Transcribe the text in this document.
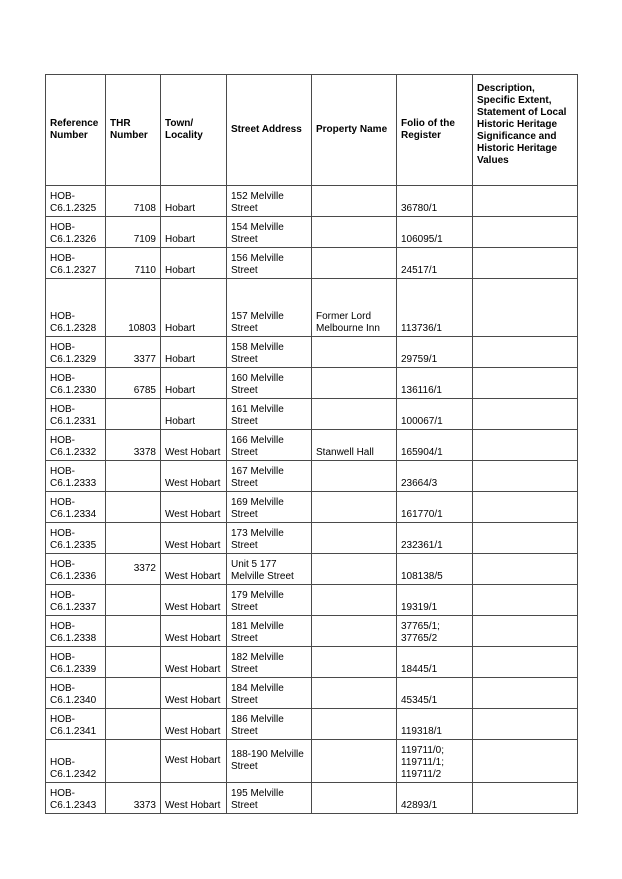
Reference Number	THR Number	Town/ Locality	Street Address	Property Name	Folio of the Register	Description, Specific Extent, Statement of Local Historic Heritage Significance and Historic Heritage Values
HOB-C6.1.2325	7108	Hobart	152 Melville Street		36780/1	
HOB-C6.1.2326	7109	Hobart	154 Melville Street		106095/1	
HOB-C6.1.2327	7110	Hobart	156 Melville Street		24517/1	
HOB-C6.1.2328	10803	Hobart	157 Melville Street	Former Lord Melbourne Inn	113736/1	
HOB-C6.1.2329	3377	Hobart	158 Melville Street		29759/1	
HOB-C6.1.2330	6785	Hobart	160 Melville Street		136116/1	
HOB-C6.1.2331		Hobart	161 Melville Street		100067/1	
HOB-C6.1.2332	3378	West Hobart	166 Melville Street	Stanwell Hall	165904/1	
HOB-C6.1.2333		West Hobart	167 Melville Street		23664/3	
HOB-C6.1.2334		West Hobart	169 Melville Street		161770/1	
HOB-C6.1.2335		West Hobart	173 Melville Street		232361/1	
HOB-C6.1.2336	3372	West Hobart	Unit 5 177 Melville Street		108138/5	
HOB-C6.1.2337		West Hobart	179 Melville Street		19319/1	
HOB-C6.1.2338		West Hobart	181 Melville Street		37765/1; 37765/2	
HOB-C6.1.2339		West Hobart	182 Melville Street		18445/1	
HOB-C6.1.2340		West Hobart	184 Melville Street		45345/1	
HOB-C6.1.2341		West Hobart	186 Melville Street		119318/1	
HOB-C6.1.2342		West Hobart	188-190 Melville Street		119711/0; 119711/1; 119711/2	
HOB-C6.1.2343	3373	West Hobart	195 Melville Street		42893/1	
